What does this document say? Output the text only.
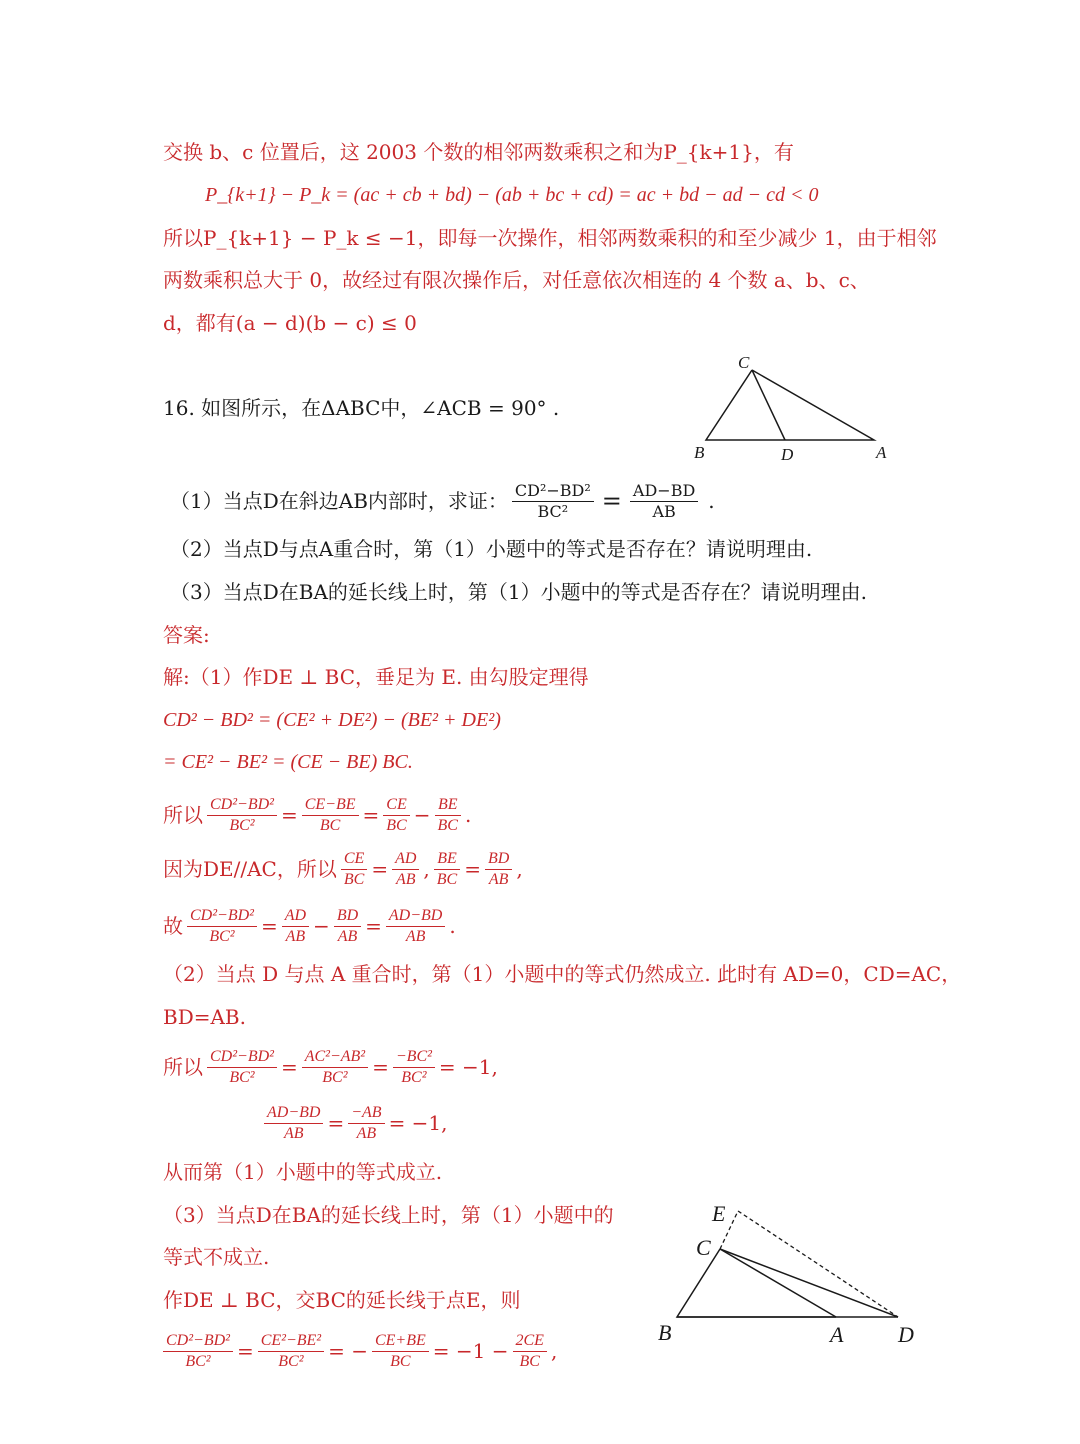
交换 b、c 位置后，这 2003 个数的相邻两数乘积之和为P_{k+1}，有
P_{k+1} − P_k = (ac + cb + bd) − (ab + bc + cd) = ac + bd − ad − cd < 0
所以P_{k+1} − P_k ≤ −1，即每一次操作，相邻两数乘积的和至少减少 1，由于相邻
两数乘积总大于 0，故经过有限次操作后，对任意依次相连的 4 个数 a、b、c、
d，都有(a − d)(b − c) ≤ 0
16. 如图所示，在ΔABC中，∠ACB = 90° .
C
B	D	A
（1）当点D在斜边AB内部时，求证： $\frac{\text{CD²−BD²}}{\text{BC²}} = \frac{AD-BD}{AB}$ .
（2）当点D与点A重合时，第（1）小题中的等式是否存在？请说明理由.
（3）当点D在BA的延长线上时，第（1）小题中的等式是否存在？请说明理由.
答案:
解:（1）作DE ⊥ BC，垂足为 E. 由勾股定理得
CD² − BD² = (CE² + DE²) − (BE² + DE²)
= CE² − BE² = (CE − BE) BC.
所以 $\frac{\text{CD²−BD²}}{\text{BC²}} = \frac{CE-BE}{BC} = \frac{CE}{BC} - \frac{BE}{BC}$ .
因为DE//AC，所以 $\frac{CE}{BC} = \frac{AD}{AB}$ , $\frac{BE}{BC} = \frac{BD}{AB}$ ,
故 $\frac{\text{CD²−BD²}}{\text{BC²}} = \frac{AD}{AB} - \frac{BD}{AB} = \frac{AD-BD}{AB}$ .
（2）当点 D 与点 A 重合时，第（1）小题中的等式仍然成立. 此时有 AD=0，CD=AC，
BD=AB.
所以 $\frac{\text{CD²−BD²}}{\text{BC²}} = \frac{\text{AC²−AB²}}{\text{BC²}} = \frac{\text{−BC²}}{\text{BC²}} = -1$,
$\frac{AD-BD}{AB} = \frac{-AB}{AB} = -1$,
从而第（1）小题中的等式成立.
（3）当点D在BA的延长线上时，第（1）小题中的
等式不成立.
作DE ⊥ BC，交BC的延长线于点E，则
$\frac{\text{CD²−BD²}}{\text{BC²}} = \frac{\text{CE²−BE²}}{\text{BC²}}$ = − $\frac{CE+BE}{BC} = -1 - \frac{2CE}{BC}$ ,
E
C
B	A D
